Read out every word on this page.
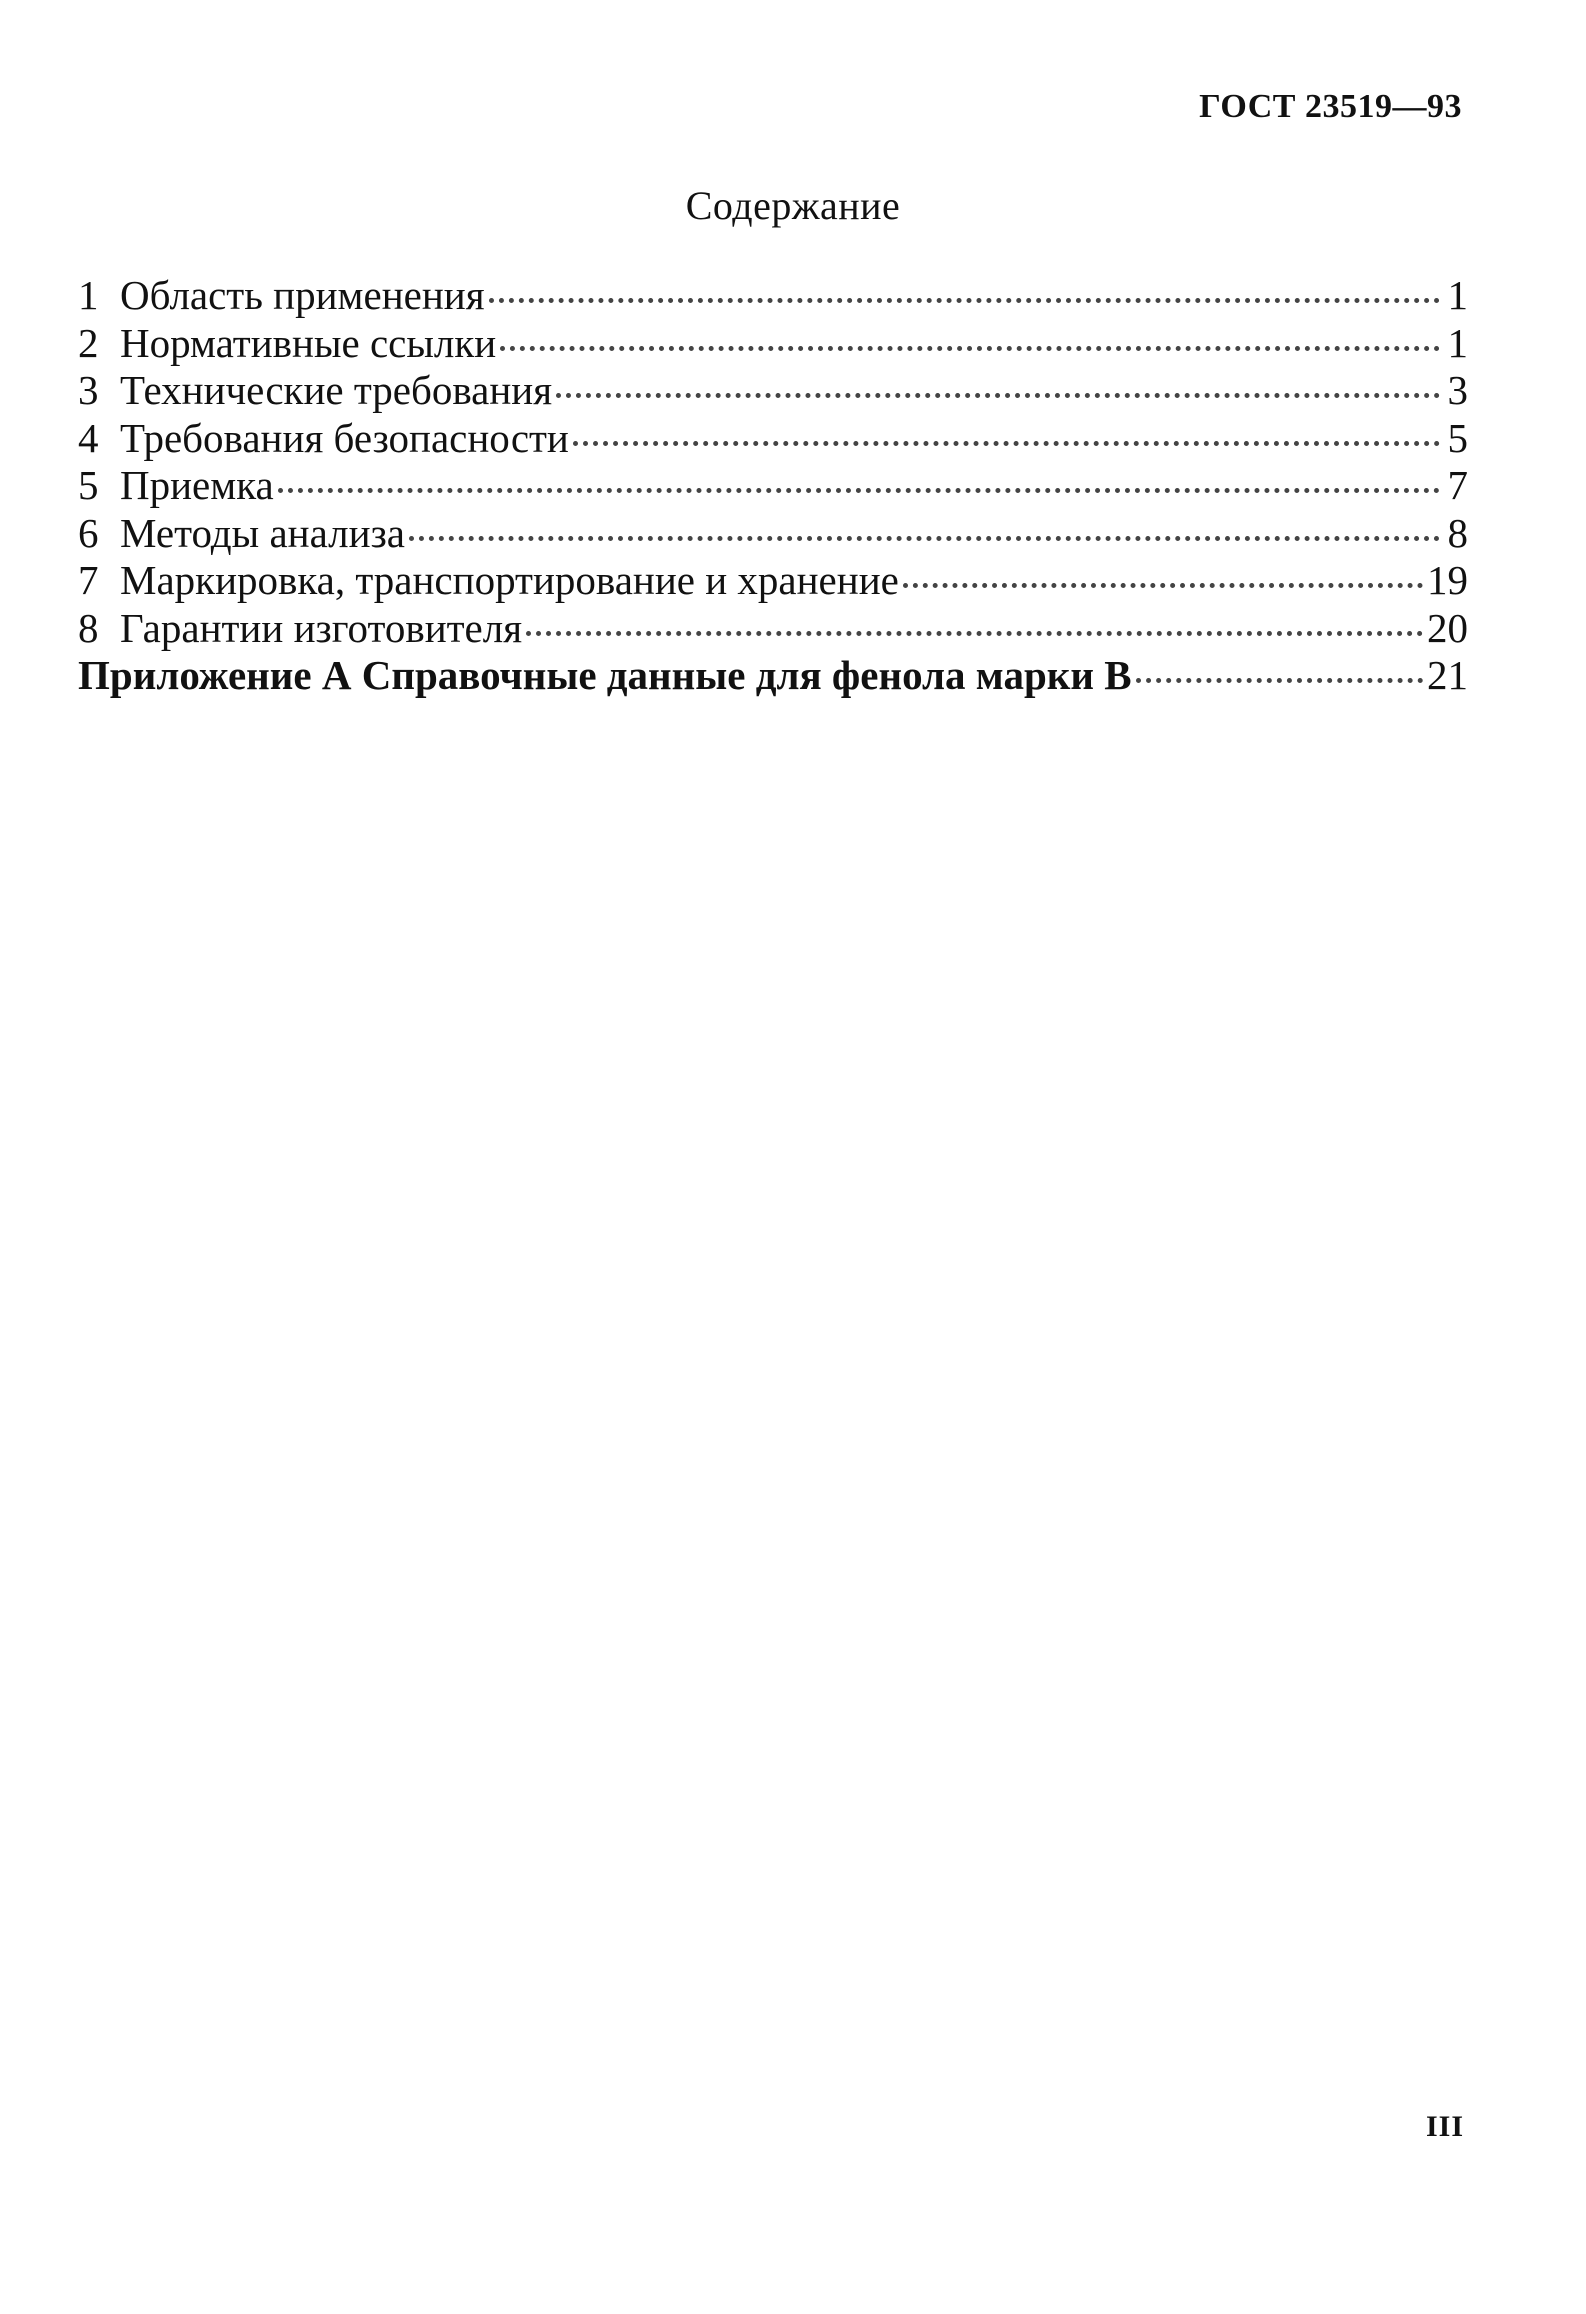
ГОСТ 23519—93
Содержание
1 Область применения	1
2 Нормативные ссылки	1
3 Технические требования	3
4 Требования безопасности	5
5 Приемка	7
6 Методы анализа	8
7 Маркировка, транспортирование и хранение	19
8 Гарантии изготовителя	20
Приложение А Справочные данные для фенола марки В	21
III
